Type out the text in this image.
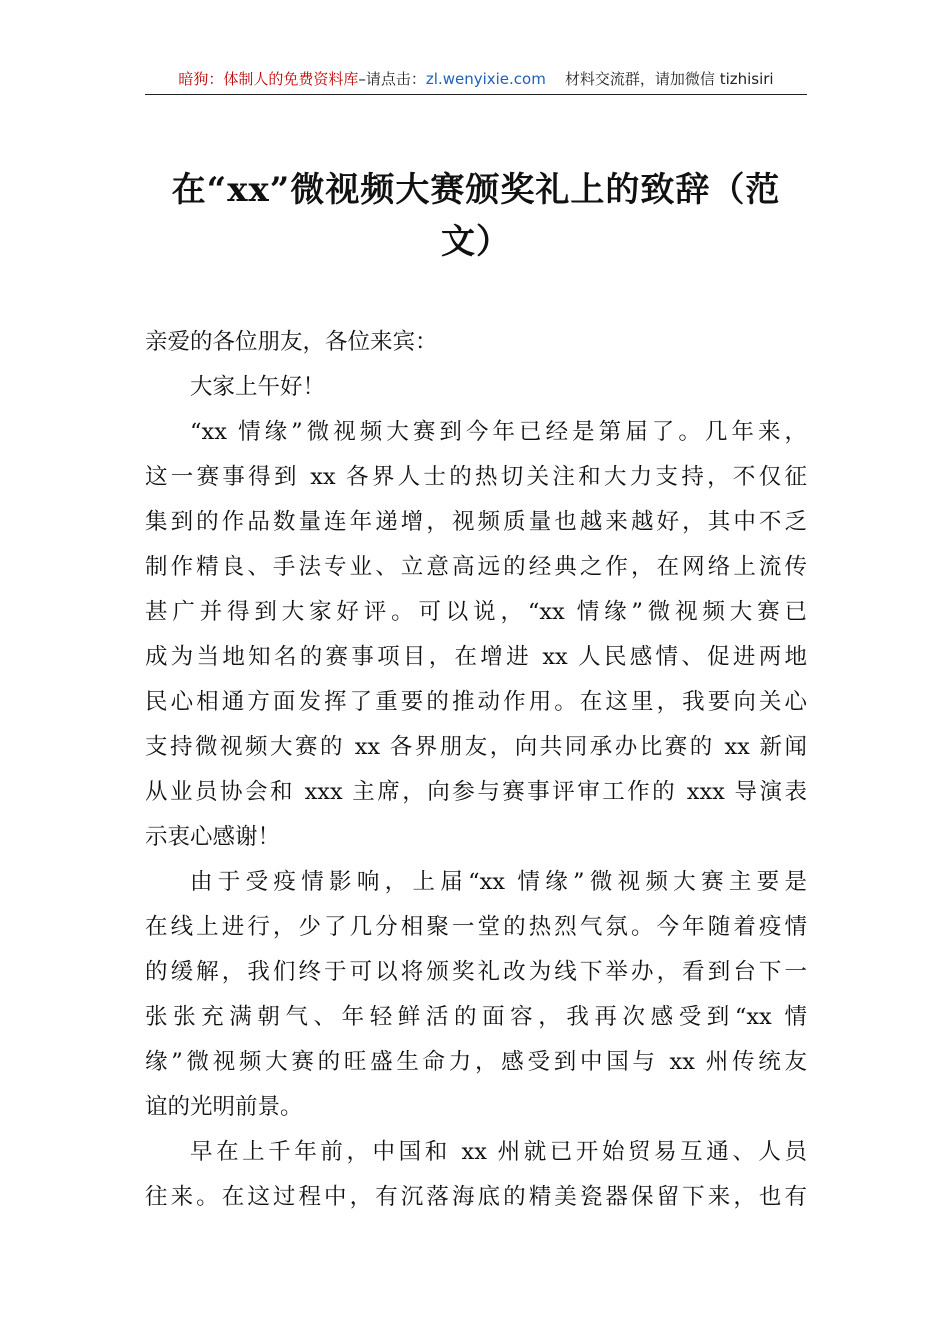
暗狗：体制人的免费资料库–请点击：zl.wenyixie.com 材料交流群，请加微信 tizhisiri
在“xx”微视频大赛颁奖礼上的致辞（范
文）
亲爱的各位朋友，各位来宾：
大家上午好！
“xx 情缘”微视频大赛到今年已经是第届了。几年来，
这一赛事得到 xx 各界人士的热切关注和大力支持，不仅征
集到的作品数量连年递增，视频质量也越来越好，其中不乏
制作精良、手法专业、立意高远的经典之作，在网络上流传
甚广并得到大家好评。可以说，“xx 情缘”微视频大赛已
成为当地知名的赛事项目，在增进 xx 人民感情、促进两地
民心相通方面发挥了重要的推动作用。在这里，我要向关心
支持微视频大赛的 xx 各界朋友，向共同承办比赛的 xx 新闻
从业员协会和 xxx 主席，向参与赛事评审工作的 xxx 导演表
示衷心感谢！
由于受疫情影响，上届“xx 情缘”微视频大赛主要是
在线上进行，少了几分相聚一堂的热烈气氛。今年随着疫情
的缓解，我们终于可以将颁奖礼改为线下举办，看到台下一
张张充满朝气、年轻鲜活的面容，我再次感受到“xx 情
缘”微视频大赛的旺盛生命力，感受到中国与 xx 州传统友
谊的光明前景。
早在上千年前，中国和 xx 州就已开始贸易互通、人员
往来。在这过程中，有沉落海底的精美瓷器保留下来，也有
